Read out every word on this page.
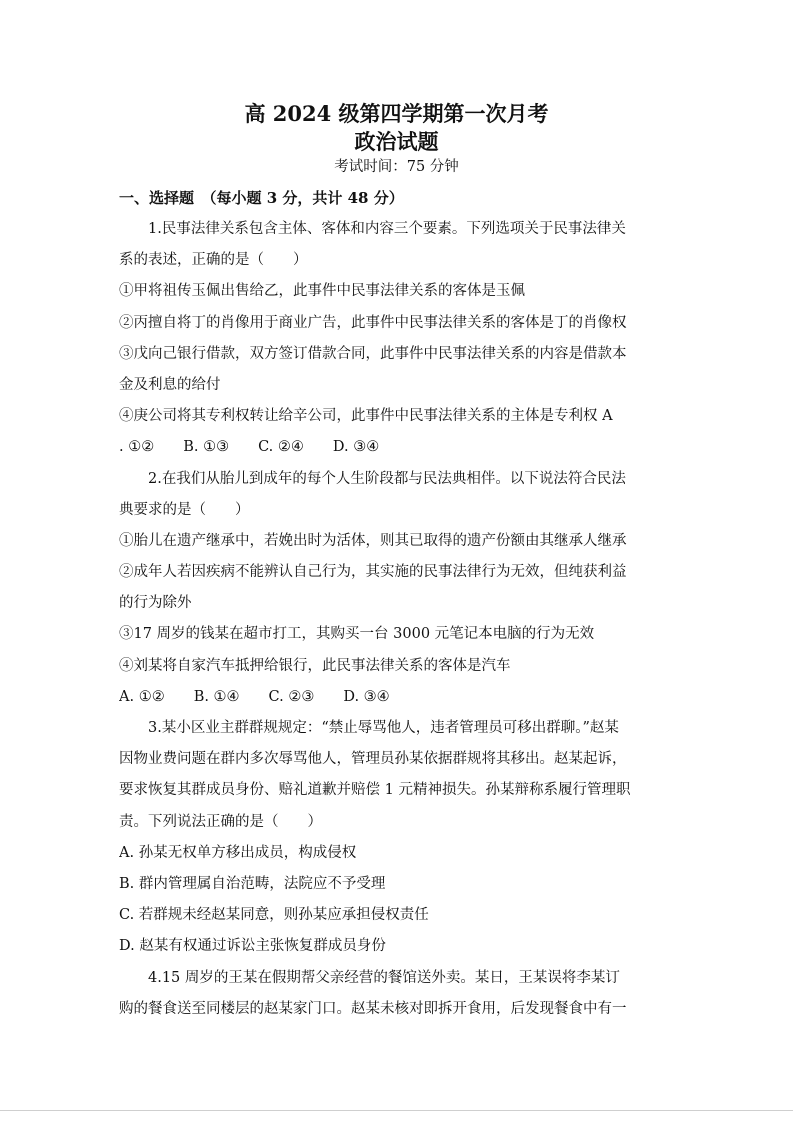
高 2024 级第四学期第一次月考
政治试题
考试时间：75 分钟
一、选择题　（每小题 3 分，共计 48 分）
1.民事法律关系包含主体、客体和内容三个要素。下列选项关于民事法律关
系的表述，正确的是（　　）
①甲将祖传玉佩出售给乙，此事件中民事法律关系的客体是玉佩
②丙擅自将丁的肖像用于商业广告，此事件中民事法律关系的客体是丁的肖像权
③戊向己银行借款，双方签订借款合同，此事件中民事法律关系的内容是借款本
金及利息的给付
④庚公司将其专利权转让给辛公司，此事件中民事法律关系的主体是专利权 A
. ①②　　B. ①③　　C. ②④　　D. ③④
2.在我们从胎儿到成年的每个人生阶段都与民法典相伴。以下说法符合民法
典要求的是（　　）
①胎儿在遗产继承中，若娩出时为活体，则其已取得的遗产份额由其继承人继承
②成年人若因疾病不能辨认自己行为，其实施的民事法律行为无效，但纯获利益
的行为除外
③17 周岁的钱某在超市打工，其购买一台 3000 元笔记本电脑的行为无效
④刘某将自家汽车抵押给银行，此民事法律关系的客体是汽车
A. ①②　　B. ①④　　C. ②③　　D. ③④
3.某小区业主群群规规定：“禁止辱骂他人，违者管理员可移出群聊。”赵某
因物业费问题在群内多次辱骂他人，管理员孙某依据群规将其移出。赵某起诉，
要求恢复其群成员身份、赔礼道歉并赔偿 1 元精神损失。孙某辩称系履行管理职
责。下列说法正确的是（　　）
A. 孙某无权单方移出成员，构成侵权
B. 群内管理属自治范畴，法院应不予受理
C. 若群规未经赵某同意，则孙某应承担侵权责任
D. 赵某有权通过诉讼主张恢复群成员身份
4.15 周岁的王某在假期帮父亲经营的餐馆送外卖。某日，王某误将李某订
购的餐食送至同楼层的赵某家门口。赵某未核对即拆开食用，后发现餐食中有一
